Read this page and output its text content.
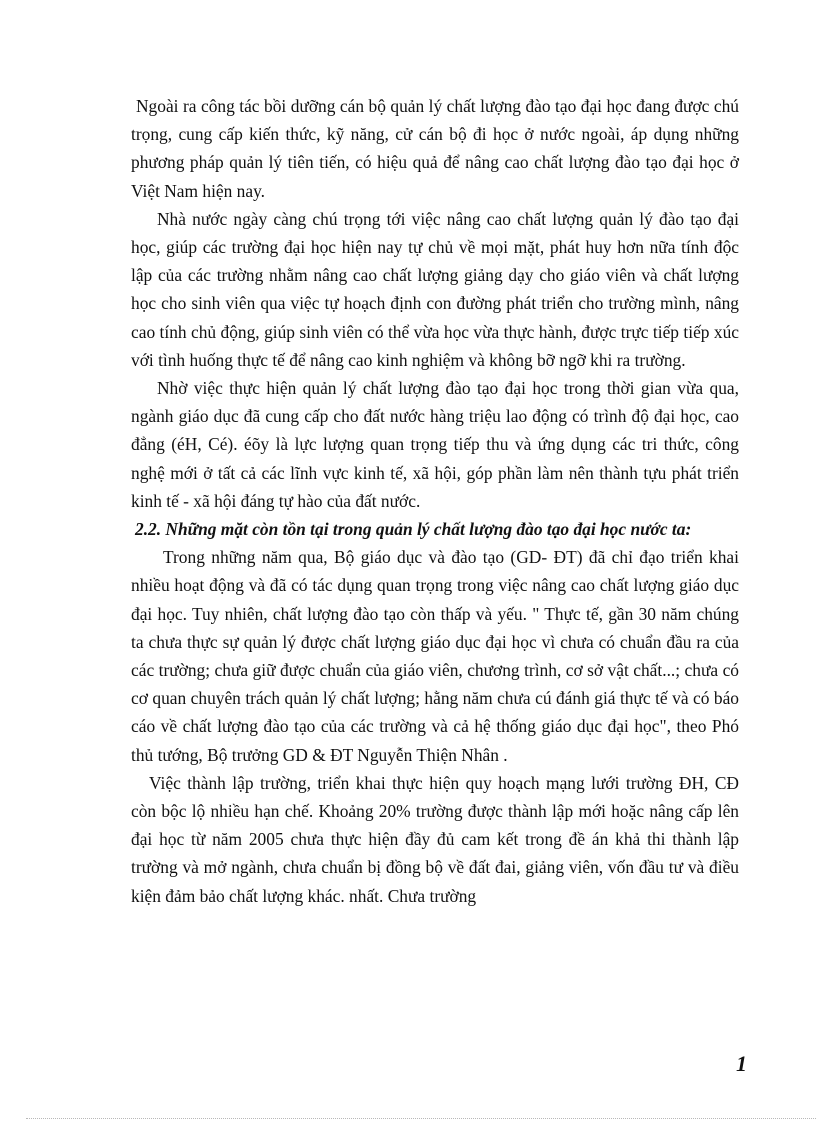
Ngoài ra công tác bồi dưỡng cán bộ quản lý chất lượng đào tạo đại học đang được chú trọng, cung cấp kiến thức, kỹ năng, cử cán bộ đi học ở nước ngoài, áp dụng những phương pháp quản lý tiên tiến, có hiệu quả để nâng cao chất lượng đào tạo đại học ở Việt Nam hiện nay.

Nhà nước ngày càng chú trọng tới việc nâng cao chất lượng quản lý đào tạo đại học, giúp các trường đại học hiện nay tự chủ về mọi mặt, phát huy hơn nữa tính độc lập của các trường nhằm nâng cao chất lượng giảng dạy cho giáo viên và chất lượng học cho sinh viên qua việc tự hoạch định con đường phát triển cho trường mình, nâng cao tính chủ động, giúp sinh viên có thể vừa học vừa thực hành, được trực tiếp tiếp xúc với tình huống thực tế để nâng cao kinh nghiệm và không bỡ ngỡ khi ra trường.

Nhờ việc thực hiện quản lý chất lượng đào tạo đại học trong thời gian vừa qua, ngành giáo dục đã cung cấp cho đất nước hàng triệu lao động có trình độ đại học, cao đẳng (éH, Cé). éõy là lực lượng quan trọng tiếp thu và ứng dụng các tri thức, công nghệ mới ở tất cả các lĩnh vực kinh tế, xã hội, góp phần làm nên thành tựu phát triển kinh tế - xã hội đáng tự hào của đất nước.

2.2. Những mặt còn tồn tại trong quản lý chất lượng đào tạo đại học nước ta:

Trong những năm qua, Bộ giáo dục và đào tạo (GD- ĐT) đã chỉ đạo triển khai nhiều hoạt động và đã có tác dụng quan trọng trong việc nâng cao chất lượng giáo dục đại học. Tuy nhiên, chất lượng đào tạo còn thấp và yếu. " Thực tế, gần 30 năm chúng ta chưa thực sự quản lý được chất lượng giáo dục đại học vì chưa có chuẩn đầu ra của các trường; chưa giữ được chuẩn của giáo viên, chương trình, cơ sở vật chất...; chưa có cơ quan chuyên trách quản lý chất lượng; hằng năm chưa cú đánh giá thực tế và có báo cáo về chất lượng đào tạo của các trường và cả hệ thống giáo dục đại học", theo Phó thủ tướng, Bộ trưởng GD & ĐT Nguyễn Thiện Nhân .

Việc thành lập trường, triển khai thực hiện quy hoạch mạng lưới trường ĐH, CĐ còn bộc lộ nhiều hạn chế. Khoảng 20% trường được thành lập mới hoặc nâng cấp lên đại học từ năm 2005 chưa thực hiện đầy đủ cam kết trong đề án khả thi thành lập trường và mở ngành, chưa chuẩn bị đồng bộ về đất đai, giảng viên, vốn đầu tư và điều kiện đảm bảo chất lượng khác. nhất. Chưa trường

1
